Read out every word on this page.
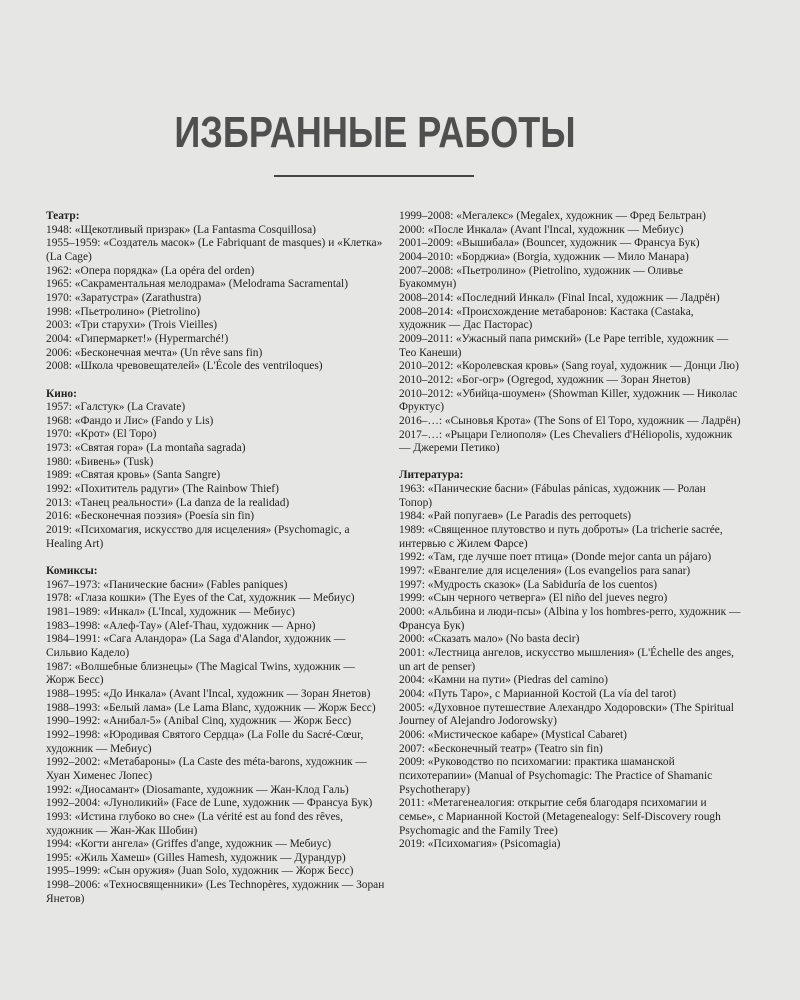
ИЗБРАННЫЕ РАБОТЫ
Театр:
1948: «Щекотливый призрак» (La Fantasma Cosquillosa)
1955–1959: «Создатель масок» (Le Fabriquant de masques) и «Клетка» (La Cage)
1962: «Опера порядка» (La opéra del orden)
1965: «Сакраментальная мелодрама» (Melodrama Sacramental)
1970: «Заратустра» (Zarathustra)
1998: «Пьетролино» (Pietrolino)
2003: «Три старухи» (Trois Vieilles)
2004: «Гипермаркет!» (Hypermarché!)
2006: «Бесконечная мечта» (Un rêve sans fin)
2008: «Школа чревовещателей» (L'École des ventriloques)
Кино:
1957: «Галстук» (La Cravate)
1968: «Фандо и Лис» (Fando y Lis)
1970: «Крот» (El Topo)
1973: «Святая гора» (La montaña sagrada)
1980: «Бивень» (Tusk)
1989: «Святая кровь» (Santa Sangre)
1992: «Похититель радуги» (The Rainbow Thief)
2013: «Танец реальности» (La danza de la realidad)
2016: «Бесконечная поэзия» (Poesía sin fin)
2019: «Психомагия, искусство для исцеления» (Psychomagic, a Healing Art)
Комиксы:
1967–1973: «Панические басни» (Fables paniques)
1978: «Глаза кошки» (The Eyes of the Cat, художник — Мебиус)
1981–1989: «Инкал» (L'Incal, художник — Мебиус)
1983–1998: «Алеф-Тау» (Alef-Thau, художник — Арно)
1984–1991: «Сага Аландора» (La Saga d'Alandor, художник — Сильвио Кадело)
1987: «Волшебные близнецы» (The Magical Twins, художник — Жорж Бесс)
1988–1995: «До Инкала» (Avant l'Incal, художник — Зоран Янетов)
1988–1993: «Белый лама» (Le Lama Blanc, художник — Жорж Бесс)
1990–1992: «Анибал-5» (Anibal Cinq, художник — Жорж Бесс)
1992–1998: «Юродивая Святого Сердца» (La Folle du Sacré-Cœur, художник — Мебиус)
1992–2002: «Метабароны» (La Caste des méta-barons, художник — Хуан Хименес Лопес)
1992: «Диосамант» (Diosamante, художник — Жан-Клод Галь)
1992–2004: «Луноликий» (Face de Lune, художник — Франсуа Бук)
1993: «Истина глубоко во сне» (La vérité est au fond des rêves, художник — Жан-Жак Шобин)
1994: «Когти ангела» (Griffes d'ange, художник — Мебиус)
1995: «Жиль Хамеш» (Gilles Hamesh, художник — Дурандур)
1995–1999: «Сын оружия» (Juan Solo, художник — Жорж Бесс)
1998–2006: «Техносвященники» (Les Technopères, художник — Зоран Янетов)
1999–2008: «Мегалекс» (Megalex, художник — Фред Бельтран)
2000: «После Инкала» (Avant l'Incal, художник — Мебиус)
2001–2009: «Вышибала» (Bouncer, художник — Франсуа Бук)
2004–2010: «Борджиа» (Borgia, художник — Мило Манара)
2007–2008: «Пьетролино» (Pietrolino, художник — Оливье Буакоммун)
2008–2014: «Последний Инкал» (Final Incal, художник — Ладрён)
2008–2014: «Происхождение метабаронов: Кастака (Castaka, художник — Дас Пасторас)
2009–2011: «Ужасный папа римский» (Le Pape terrible, художник — Тео Канеши)
2010–2012: «Королевская кровь» (Sang royal, художник — Донци Лю)
2010–2012: «Бог-огр» (Ogregod, художник — Зоран Янетов)
2010–2012: «Убийца-шоумен» (Showman Killer, художник — Николас Фруктус)
2016–…: «Сыновья Крота» (The Sons of El Topo, художник — Ладрён)
2017–…: «Рыцари Гелиополя» (Les Chevaliers d'Héliopolis, художник — Джереми Петико)
Литература:
1963: «Панические басни» (Fábulas pánicas, художник — Ролан Топор)
1984: «Рай попугаев» (Le Paradis des perroquets)
1989: «Священное плутовство и путь доброты» (La tricherie sacrée, интервью с Жилем Фарсе)
1992: «Там, где лучше поет птица» (Donde mejor canta un pájaro)
1997: «Евангелие для исцеления» (Los evangelios para sanar)
1997: «Мудрость сказок» (La Sabiduría de los cuentos)
1999: «Сын черного четверга» (El niño del jueves negro)
2000: «Альбина и люди-псы» (Albina y los hombres-perro, художник — Франсуа Бук)
2000: «Сказать мало» (No basta decir)
2001: «Лестница ангелов, искусство мышления» (L'Échelle des anges, un art de penser)
2004: «Камни на пути» (Piedras del camino)
2004: «Путь Таро», с Марианной Костой (La vía del tarot)
2005: «Духовное путешествие Алехандро Ходоровски» (The Spiritual Journey of Alejandro Jodorowsky)
2006: «Мистическое кабаре» (Mystical Cabaret)
2007: «Бесконечный театр» (Teatro sin fin)
2009: «Руководство по психомагии: практика шаманской психотерапии» (Manual of Psychomagic: The Practice of Shamanic Psychotherapy)
2011: «Метагенеалогия: открытие себя благодаря психомагии и семье», с Марианной Костой (Metagenealogy: Self-Discovery rough Psychomagic and the Family Tree)
2019: «Психомагия» (Psicomagia)
